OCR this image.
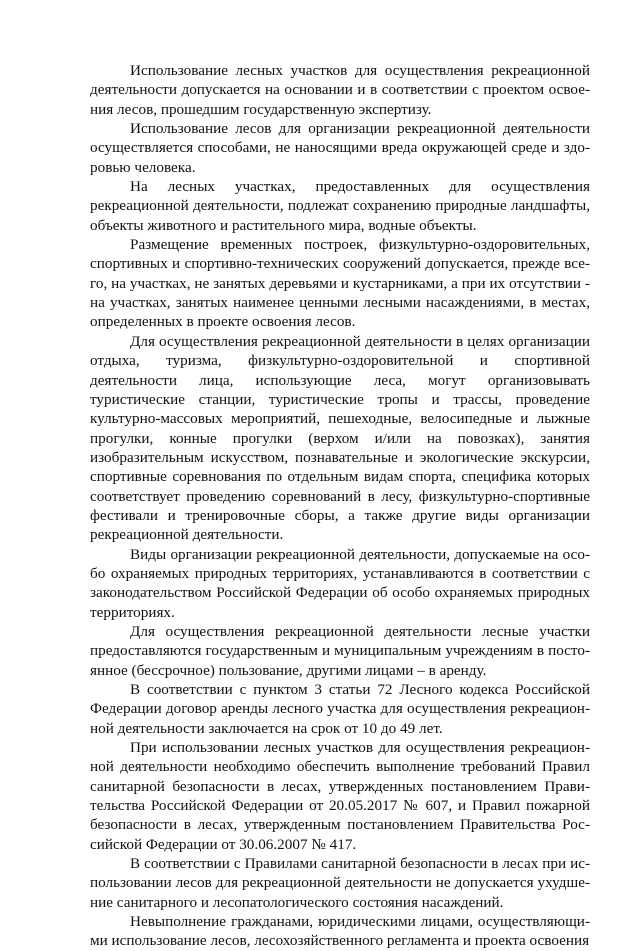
Использование лесных участков для осуществления рекреационной деятельности допускается на основании и в соответствии с проектом освоения лесов, прошедшим государственную экспертизу.

Использование лесов для организации рекреационной деятельности осуществляется способами, не наносящими вреда окружающей среде и здоровью человека.

На лесных участках, предоставленных для осуществления рекреационной деятельности, подлежат сохранению природные ландшафты, объекты животного и растительного мира, водные объекты.

Размещение временных построек, физкультурно-оздоровительных, спортивных и спортивно-технических сооружений допускается, прежде всего, на участках, не занятых деревьями и кустарниками, а при их отсутствии - на участках, занятых наименее ценными лесными насаждениями, в местах, определенных в проекте освоения лесов.

Для осуществления рекреационной деятельности в целях организации отдыха, туризма, физкультурно-оздоровительной и спортивной деятельности лица, использующие леса, могут организовывать туристические станции, туристические тропы и трассы, проведение культурно-массовых мероприятий, пешеходные, велосипедные и лыжные прогулки, конные прогулки (верхом и/или на повозках), занятия изобразительным искусством, познавательные и экологические экскурсии, спортивные соревнования по отдельным видам спорта, специфика которых соответствует проведению соревнований в лесу, физкультурно-спортивные фестивали и тренировочные сборы, а также другие виды организации рекреационной деятельности.

Виды организации рекреационной деятельности, допускаемые на особо охраняемых природных территориях, устанавливаются в соответствии с законодательством Российской Федерации об особо охраняемых природных территориях.

Для осуществления рекреационной деятельности лесные участки предоставляются государственным и муниципальным учреждениям в постоянное (бессрочное) пользование, другими лицами – в аренду.

В соответствии с пунктом 3 статьи 72 Лесного кодекса Российской Федерации договор аренды лесного участка для осуществления рекреационной деятельности заключается на срок от 10 до 49 лет.

При использовании лесных участков для осуществления рекреационной деятельности необходимо обеспечить выполнение требований Правил санитарной безопасности в лесах, утвержденных постановлением Правительства Российской Федерации от 20.05.2017 № 607, и Правил пожарной безопасности в лесах, утвержденным постановлением Правительства Российской Федерации от 30.06.2007 № 417.

В соответствии с Правилами санитарной безопасности в лесах при использовании лесов для рекреационной деятельности не допускается ухудшение санитарного и лесопатологического состояния насаждений.

Невыполнение гражданами, юридическими лицами, осуществляющими использование лесов, лесохозяйственного регламента и проекта освоения
